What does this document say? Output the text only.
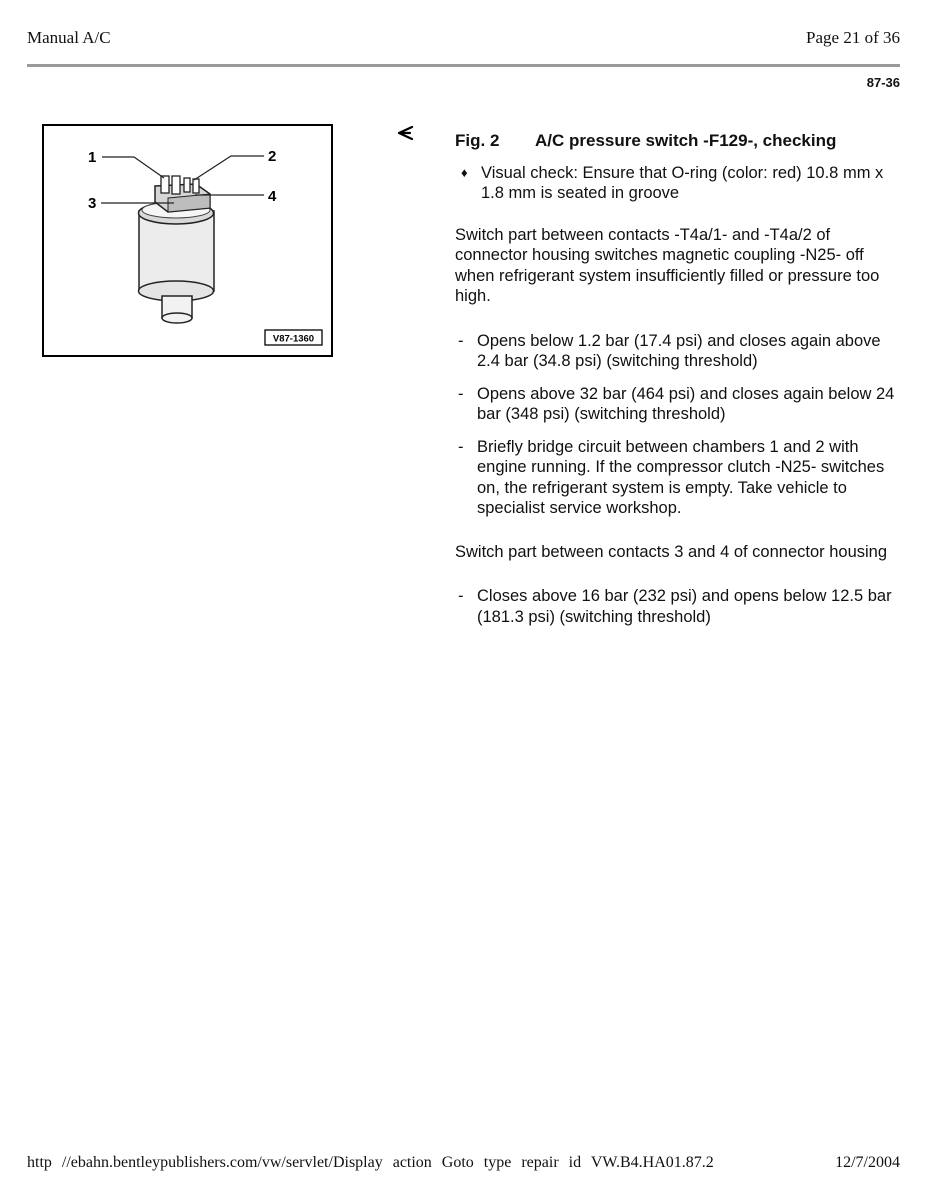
Manual A/C	Page 21 of 36
87-36
1	2
3	4
V87-1360
Fig. 2 A/C pressure switch -F129-, checking
♦ Visual check: Ensure that O-ring (color: red) 10.8 mm x 1.8 mm is seated in groove
Switch part between contacts -T4a/1- and -T4a/2 of connector housing switches magnetic coupling -N25- off when refrigerant system insufficiently filled or pressure too high.
- Opens below 1.2 bar (17.4 psi) and closes again above 2.4 bar (34.8 psi) (switching threshold)
- Opens above 32 bar (464 psi) and closes again below 24 bar (348 psi) (switching threshold)
- Briefly bridge circuit between chambers 1 and 2 with engine running. If the compressor clutch -N25- switches on, the refrigerant system is empty. Take vehicle to specialist service workshop.
Switch part between contacts 3 and 4 of connector housing
- Closes above 16 bar (232 psi) and opens below 12.5 bar (181.3 psi) (switching threshold)
http //ebahn.bentleypublishers.com/vw/servlet/Display action Goto type repair id VW.B4.HA01.87.2	12/7/2004
